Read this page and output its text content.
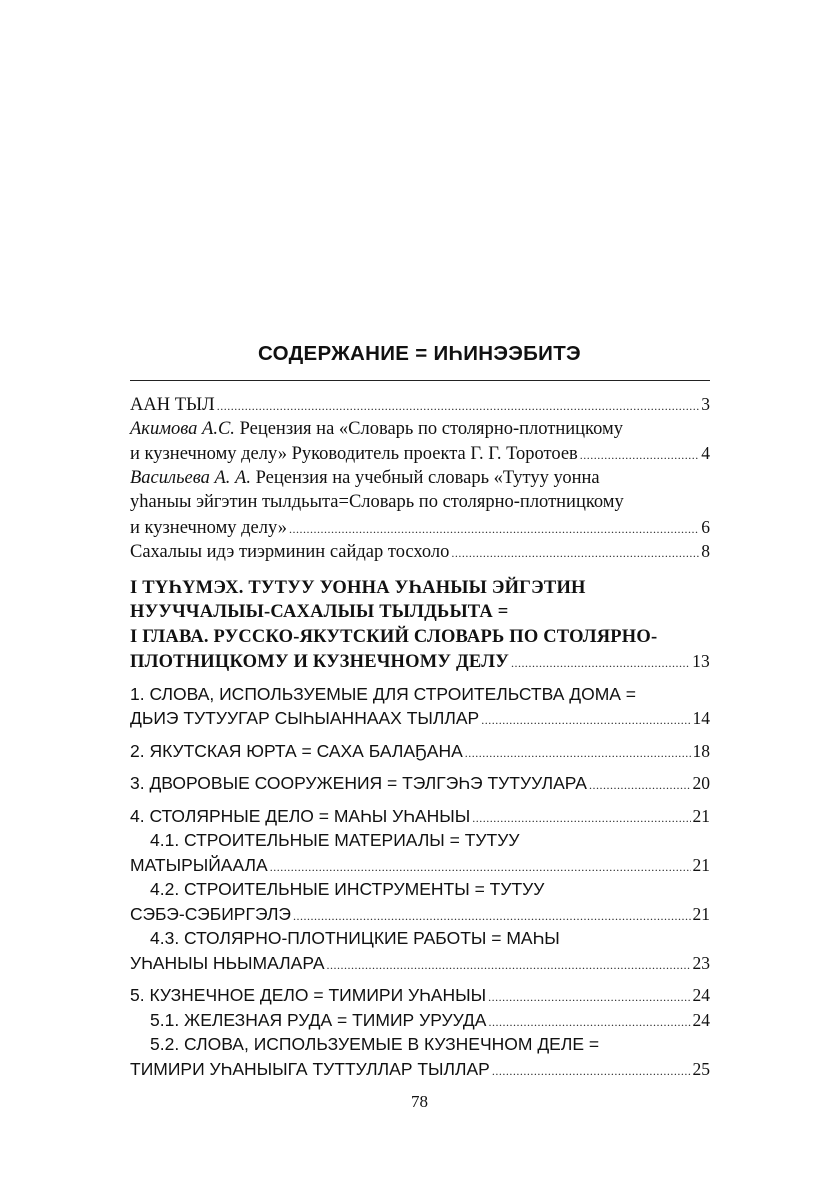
СОДЕРЖАНИЕ = ИҺИНЭЭБИТЭ
ААН ТЫЛ .....	3
Акимова А.С. Рецензия на «Словарь по столярно-плотницкому
и кузнечному делу» Руководитель проекта Г. Г. Торотоев .....	4
Васильева А. А. Рецензия на учебный словарь «Тутуу уонна
уһаныы эйгэтин тылдьыта=Словарь по столярно-плотницкому
и кузнечному делу» .....	6
Сахалыы идэ тиэрминин сайдар тосхоло .....	8
I ТҮҺҮМЭХ. ТУТУУ УОННА УҺАНЫЫ ЭЙГЭТИН
НУУЧЧАЛЫЫ-САХАЛЫЫ ТЫЛДЬЫТА =
I ГЛАВА. РУССКО-ЯКУТСКИЙ СЛОВАРЬ ПО СТОЛЯРНО-
ПЛОТНИЦКОМУ И КУЗНЕЧНОМУ ДЕЛУ .....	13
1. СЛОВА, ИСПОЛЬЗУЕМЫЕ ДЛЯ СТРОИТЕЛЬСТВА ДОМА =
ДЬИЭ ТУТУУГАР СЫҺЫАННААХ ТЫЛЛАР .....	14
2. ЯКУТСКАЯ ЮРТА = САХА БАЛАҔАНА .....	18
3. ДВОРОВЫЕ СООРУЖЕНИЯ = ТЭЛГЭҺЭ ТУТУУЛАРА .....	20
4. СТОЛЯРНЫЕ ДЕЛО = МАҺЫ УҺАНЫЫ .....	21
4.1. СТРОИТЕЛЬНЫЕ МАТЕРИАЛЫ = ТУТУУ
МАТЫРЫЙААЛА .....	21
4.2. СТРОИТЕЛЬНЫЕ ИНСТРУМЕНТЫ = ТУТУУ
СЭБЭ-СЭБИРГЭЛЭ .....	21
4.3. СТОЛЯРНО-ПЛОТНИЦКИЕ РАБОТЫ = МАҺЫ
УҺАНЫЫ НЬЫМАЛАРА .....	23
5. КУЗНЕЧНОЕ ДЕЛО = ТИМИРИ УҺАНЫЫ .....	24
5.1. ЖЕЛЕЗНАЯ РУДА = ТИМИР УРУУДА .....	24
5.2. СЛОВА, ИСПОЛЬЗУЕМЫЕ В КУЗНЕЧНОМ ДЕЛЕ =
ТИМИРИ УҺАНЫЫГА ТУТТУЛЛАР ТЫЛЛАР .....	25
78
